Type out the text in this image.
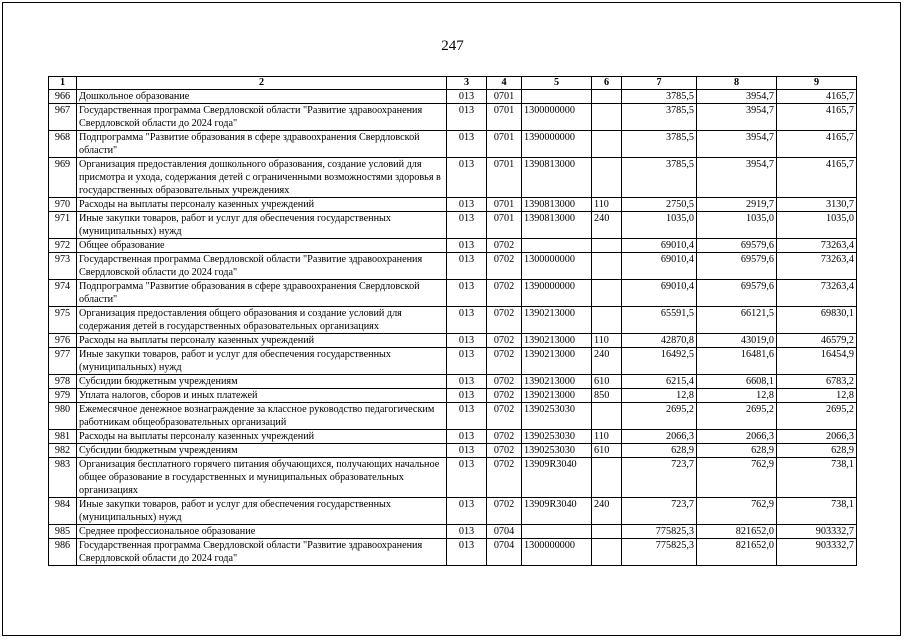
247
1	2	3	4	5	6	7	8	9
966	Дошкольное образование	013	0701			3785,5	3954,7	4165,7
967	Государственная программа Свердловской области "Развитие здравоохранения Свердловской области до 2024 года"	013	0701	1300000000		3785,5	3954,7	4165,7
968	Подпрограмма "Развитие образования в сфере здравоохранения Свердловской области"	013	0701	1390000000		3785,5	3954,7	4165,7
969	Организация предоставления дошкольного образования, создание условий для присмотра и ухода, содержания детей с ограниченными возможностями здоровья в государственных образовательных учреждениях	013	0701	1390813000		3785,5	3954,7	4165,7
970	Расходы на выплаты персоналу казенных учреждений	013	0701	1390813000	110	2750,5	2919,7	3130,7
971	Иные закупки товаров, работ и услуг для обеспечения государственных (муниципальных) нужд	013	0701	1390813000	240	1035,0	1035,0	1035,0
972	Общее образование	013	0702			69010,4	69579,6	73263,4
973	Государственная программа Свердловской области "Развитие здравоохранения Свердловской области до 2024 года"	013	0702	1300000000		69010,4	69579,6	73263,4
974	Подпрограмма "Развитие образования в сфере здравоохранения Свердловской области"	013	0702	1390000000		69010,4	69579,6	73263,4
975	Организация предоставления общего образования и создание условий для содержания детей в государственных образовательных организациях	013	0702	1390213000		65591,5	66121,5	69830,1
976	Расходы на выплаты персоналу казенных учреждений	013	0702	1390213000	110	42870,8	43019,0	46579,2
977	Иные закупки товаров, работ и услуг для обеспечения государственных (муниципальных) нужд	013	0702	1390213000	240	16492,5	16481,6	16454,9
978	Субсидии бюджетным учреждениям	013	0702	1390213000	610	6215,4	6608,1	6783,2
979	Уплата налогов, сборов и иных платежей	013	0702	1390213000	850	12,8	12,8	12,8
980	Ежемесячное денежное вознаграждение за классное руководство педагогическим работникам общеобразовательных организаций	013	0702	1390253030		2695,2	2695,2	2695,2
981	Расходы на выплаты персоналу казенных учреждений	013	0702	1390253030	110	2066,3	2066,3	2066,3
982	Субсидии бюджетным учреждениям	013	0702	1390253030	610	628,9	628,9	628,9
983	Организация бесплатного горячего питания обучающихся, получающих начальное общее образование в государственных и муниципальных образовательных организациях	013	0702	13909R3040		723,7	762,9	738,1
984	Иные закупки товаров, работ и услуг для обеспечения государственных (муниципальных) нужд	013	0702	13909R3040	240	723,7	762,9	738,1
985	Среднее профессиональное образование	013	0704			775825,3	821652,0	903332,7
986	Государственная программа Свердловской области "Развитие здравоохранения Свердловской области до 2024 года"	013	0704	1300000000		775825,3	821652,0	903332,7
